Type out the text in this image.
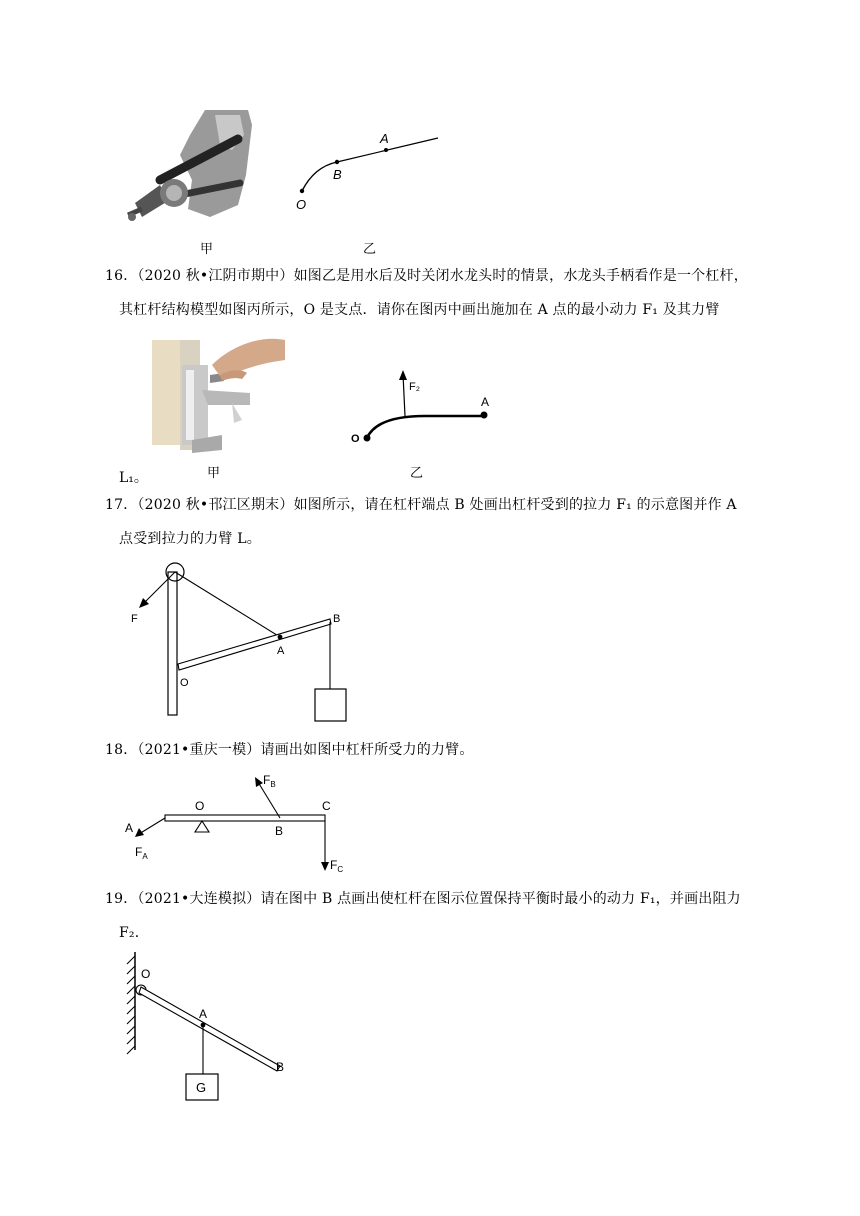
A
B
O
甲	乙
16．（2020 秋•江阴市期中）如图乙是用水后及时关闭水龙头时的情景，水龙头手柄看作是一个杠杆，
其杠杆结构模型如图丙所示，O 是支点．请你在图丙中画出施加在 A 点的最小动力 F₁ 及其力臂
F₂
A
O
L₁。	甲	乙
17．（2020 秋•邗江区期末）如图所示，请在杠杆端点 B 处画出杠杆受到的拉力 F₁ 的示意图并作 A
点受到拉力的力臂 L。
F
A
B
O
18．（2021•重庆一模）请画出如图中杠杆所受力的力臂。
A
$F_A$
O
B
$F_B$
C
$F_C$
19．（2021•大连模拟）请在图中 B 点画出使杠杆在图示位置保持平衡时最小的动力 F₁，并画出阻力
F₂．
O
A
B
G
